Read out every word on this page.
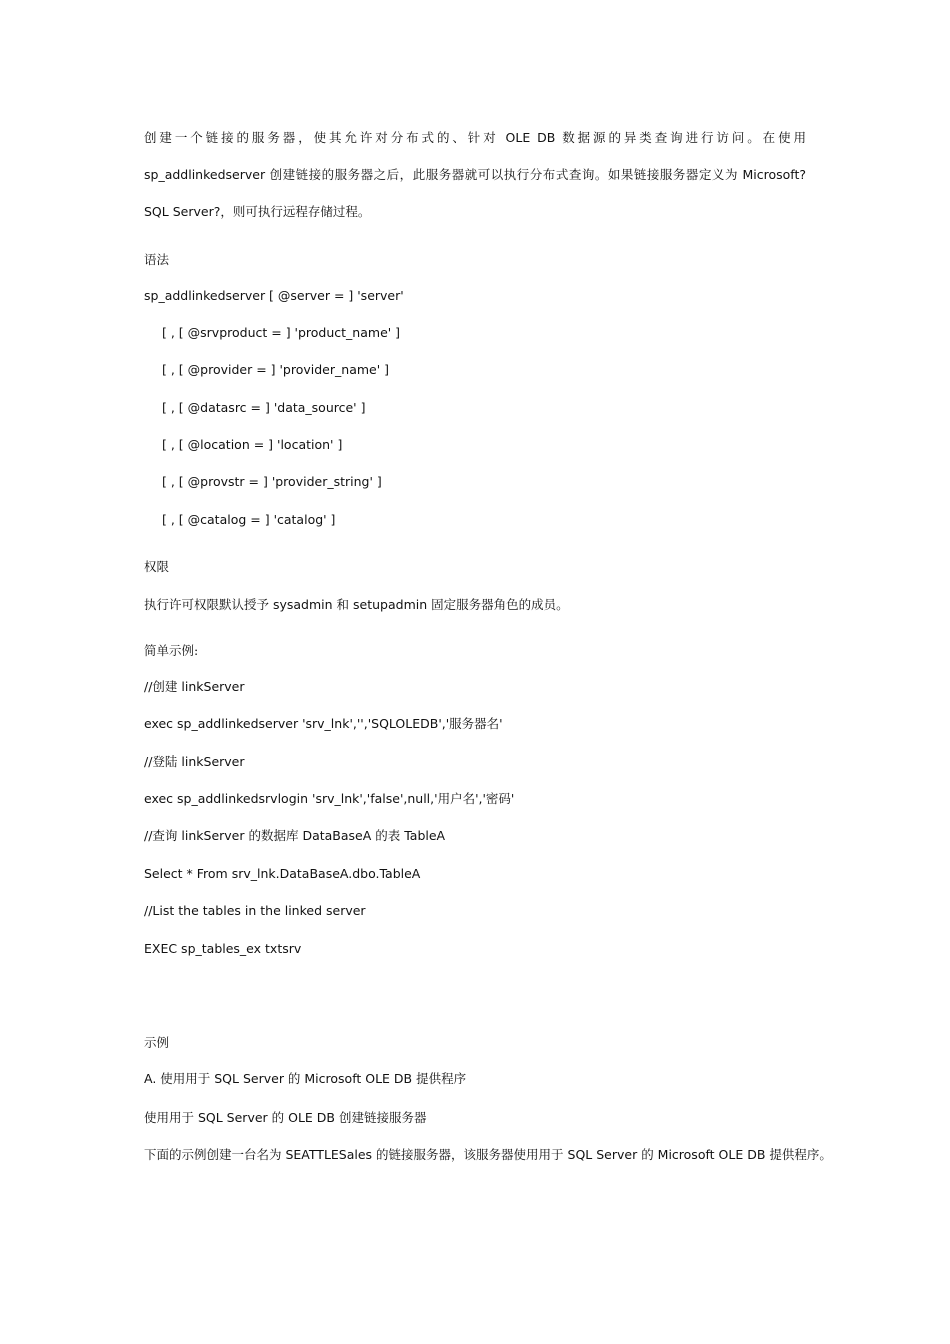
创建一个链接的服务器，使其允许对分布式的、针对 OLE DB 数据源的异类查询进行访问。在使用 sp_addlinkedserver 创建链接的服务器之后，此服务器就可以执行分布式查询。如果链接服务器定义为 Microsoft? SQL Server?，则可执行远程存储过程。
语法
sp_addlinkedserver [ @server = ] 'server'
[ , [ @srvproduct = ] 'product_name' ]
[ , [ @provider = ] 'provider_name' ]
[ , [ @datasrc = ] 'data_source' ]
[ , [ @location = ] 'location' ]
[ , [ @provstr = ] 'provider_string' ]
[ , [ @catalog = ] 'catalog' ]
权限
执行许可权限默认授予 sysadmin 和 setupadmin 固定服务器角色的成员。
简单示例:
//创建 linkServer
exec sp_addlinkedserver 'srv_lnk','','SQLOLEDB','服务器名'
//登陆 linkServer
exec sp_addlinkedsrvlogin 'srv_lnk','false',null,'用户名','密码'
//查询 linkServer 的数据库 DataBaseA 的表 TableA
Select * From srv_lnk.DataBaseA.dbo.TableA
//List the tables in the linked server
EXEC sp_tables_ex txtsrv
示例
A. 使用用于 SQL Server 的 Microsoft OLE DB 提供程序
使用用于 SQL Server 的 OLE DB 创建链接服务器
下面的示例创建一台名为 SEATTLESales 的链接服务器，该服务器使用用于 SQL Server 的 Microsoft OLE DB 提供程序。
